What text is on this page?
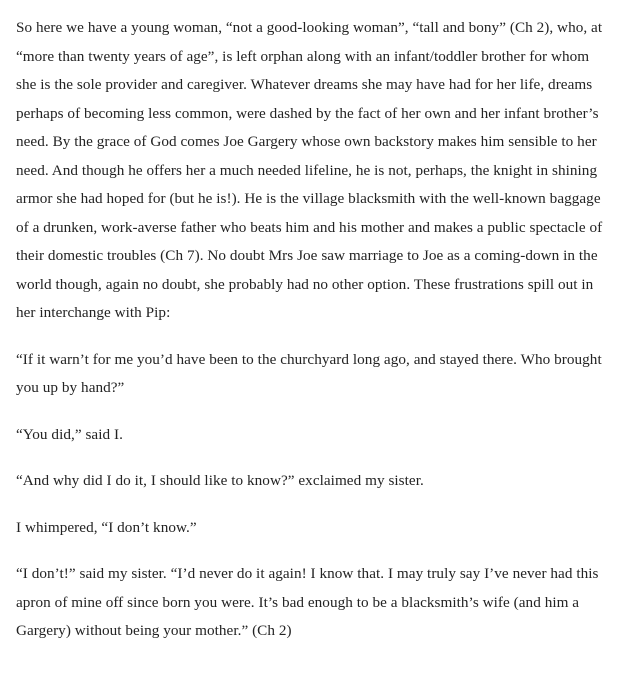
So here we have a young woman, “not a good-looking woman”, “tall and bony” (Ch 2), who, at “more than twenty years of age”, is left orphan along with an infant/toddler brother for whom she is the sole provider and caregiver. Whatever dreams she may have had for her life, dreams perhaps of becoming less common, were dashed by the fact of her own and her infant brother’s need. By the grace of God comes Joe Gargery whose own backstory makes him sensible to her need. And though he offers her a much needed lifeline, he is not, perhaps, the knight in shining armor she had hoped for (but he is!). He is the village blacksmith with the well-known baggage of a drunken, work-averse father who beats him and his mother and makes a public spectacle of their domestic troubles (Ch 7). No doubt Mrs Joe saw marriage to Joe as a coming-down in the world though, again no doubt, she probably had no other option. These frustrations spill out in her interchange with Pip:

“If it warn’t for me you’d have been to the churchyard long ago, and stayed there. Who brought you up by hand?”

“You did,” said I.

“And why did I do it, I should like to know?” exclaimed my sister.

I whimpered, “I don’t know.”

“I don’t!” said my sister. “I’d never do it again! I know that. I may truly say I’ve never had this apron of mine off since born you were. It’s bad enough to be a blacksmith’s wife (and him a Gargery) without being your mother.” (Ch 2)
